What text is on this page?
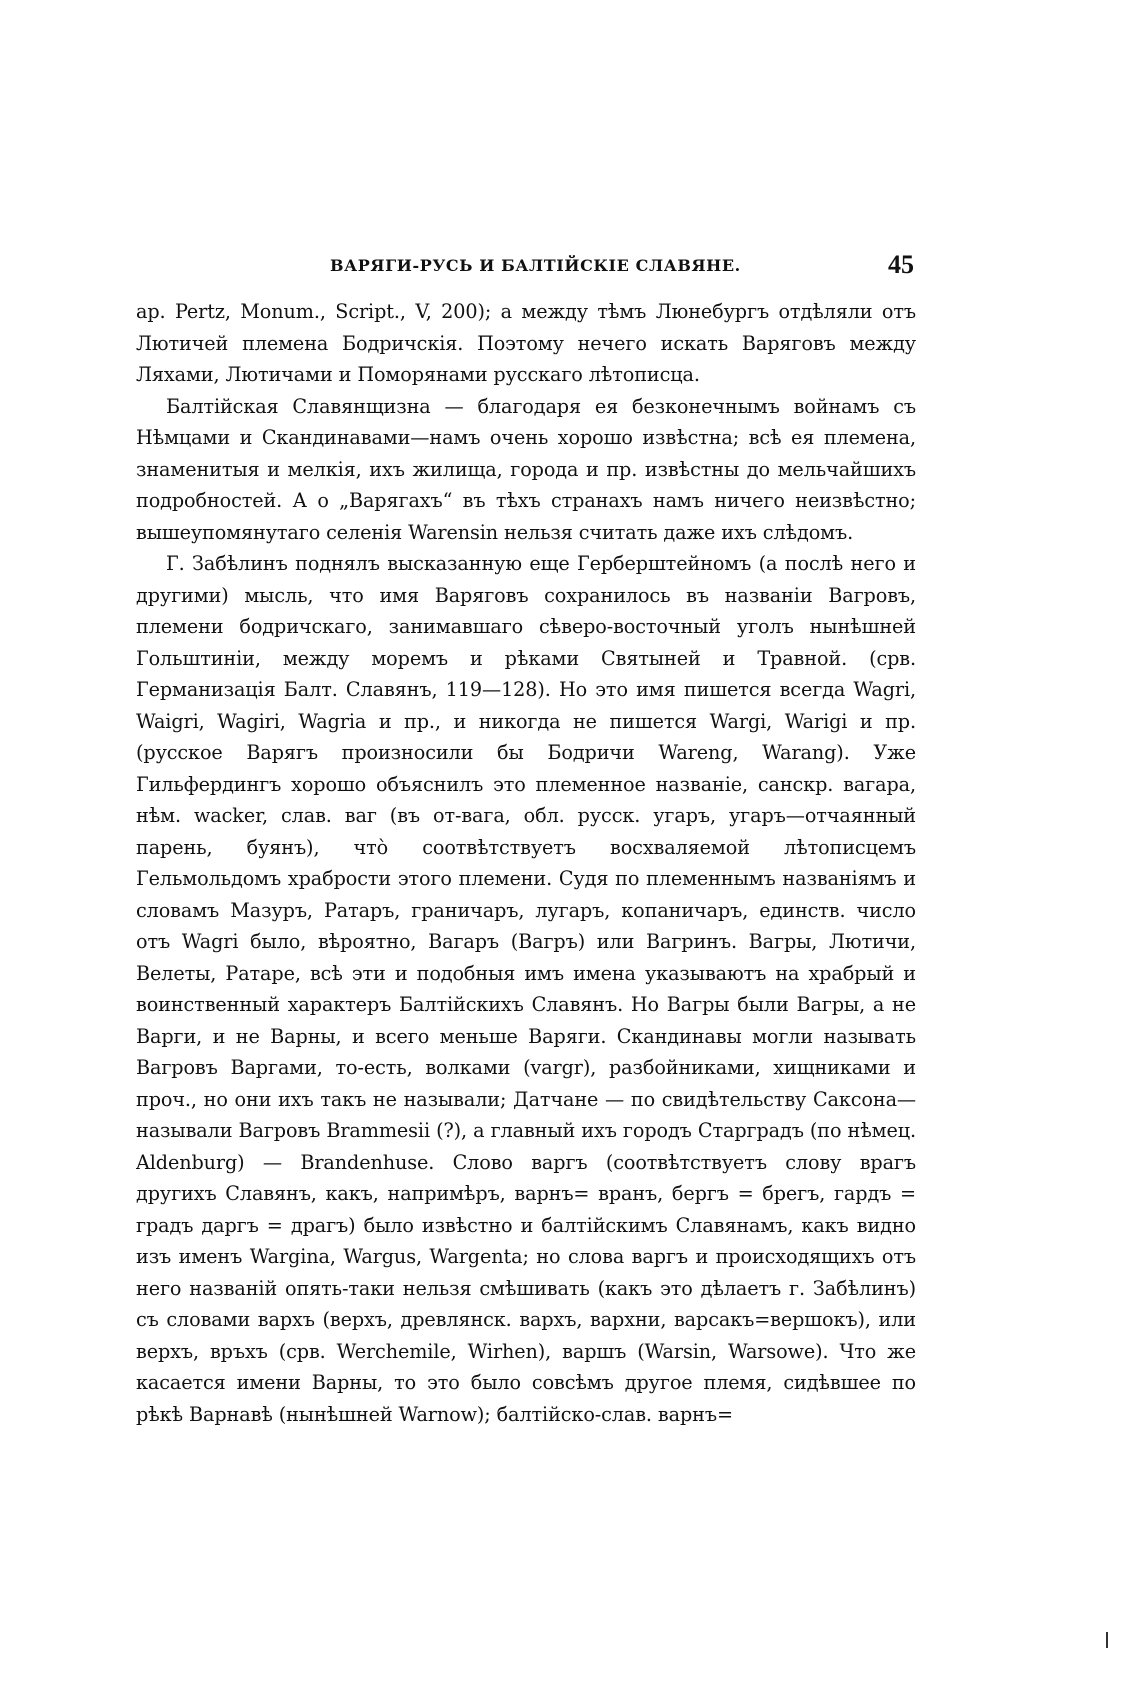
ВАРЯГИ-РУСЬ И БАЛТІЙСКІЕ СЛАВЯНЕ.	45

ap. Pertz, Monum., Script., V, 200); а между тѣмъ Люнебургъ отдѣляли отъ Лютичей племена Бодричскія. Поэтому нечего искать Варяговъ между Ляхами, Лютичами и Поморянами русскаго лѣтописца.

Балтійская Славянщизна — благодаря ея безконечнымъ войнамъ съ Нѣмцами и Скандинавами—намъ очень хорошо извѣстна; всѣ ея племена, знаменитыя и мелкія, ихъ жилища, города и пр. извѣстны до мельчайшихъ подробностей. А о „Варягахъ“ въ тѣхъ странахъ намъ ничего неизвѣстно; вышеупомянутаго селенія Warensin нельзя считать даже ихъ слѣдомъ.

Г. Забѣлинъ поднялъ высказанную еще Герберштейномъ (а послѣ него и другими) мысль, что имя Варяговъ сохранилось въ названіи Вагровъ, племени бодричскаго, занимавшаго сѣверо-восточный уголъ нынѣшней Гольштиніи, между моремъ и рѣками Святыней и Травной. (срв. Германизація Балт. Славянъ, 119—128). Но это имя пишется всегда Wagri, Waigri, Wagiri, Wagria и пр., и никогда не пишется Wargi, Warigi и пр. (русское Варягъ произносили бы Бодричи Wareng, Warang). Уже Гильфердингъ хорошо объяснилъ это племенное названіе, санскр. вагара, нѣм. wacker, слав. ваг (въ от-вага, обл. русск. угаръ, угаръ—отчаянный парень, буянъ), что̀ соотвѣтствуетъ восхваляемой лѣтописцемъ Гельмольдомъ храбрости этого племени. Судя по племеннымъ названіямъ и словамъ Мазуръ, Ратаръ, граничаръ, лугаръ, копаничаръ, единств. число отъ Wagri было, вѣроятно, Вагаръ (Вагръ) или Вагринъ. Вагры, Лютичи, Велеты, Ратаре, всѣ эти и подобныя имъ имена указываютъ на храбрый и воинственный характеръ Балтійскихъ Славянъ. Но Вагры были Вагры, а не Варги, и не Варны, и всего меньше Варяги. Скандинавы могли называть Вагровъ Варгами, то-есть, волками (vargr), разбойниками, хищниками и проч., но они ихъ такъ не называли; Датчане — по свидѣтельству Саксона—называли Вагровъ Brammesii (?), а главный ихъ городъ Старградъ (по нѣмец. Aldenburg) — Brandenhuse. Слово варгъ (соотвѣтствуетъ слову врагъ другихъ Славянъ, какъ, напримѣръ, варнъ= вранъ, бергъ = брегъ, гардъ = градъ даргъ = драгъ) было извѣстно и балтійскимъ Славянамъ, какъ видно изъ именъ Wargina, Wargus, Wargenta; но слова варгъ и происходящихъ отъ него названій опять-таки нельзя смѣшивать (какъ это дѣлаетъ г. Забѣлинъ) съ словами вархъ (верхъ, древлянск. вархъ, вархни, варсакъ=вершокъ), или верхъ, връхъ (срв. Werchemile, Wirhen), варшъ (Warsin, Warsowe). Что же касается имени Варны, то это было совсѣмъ другое племя, сидѣвшее по рѣкѣ Варнавѣ (нынѣшней Warnow); балтійско-слав. варнъ=
